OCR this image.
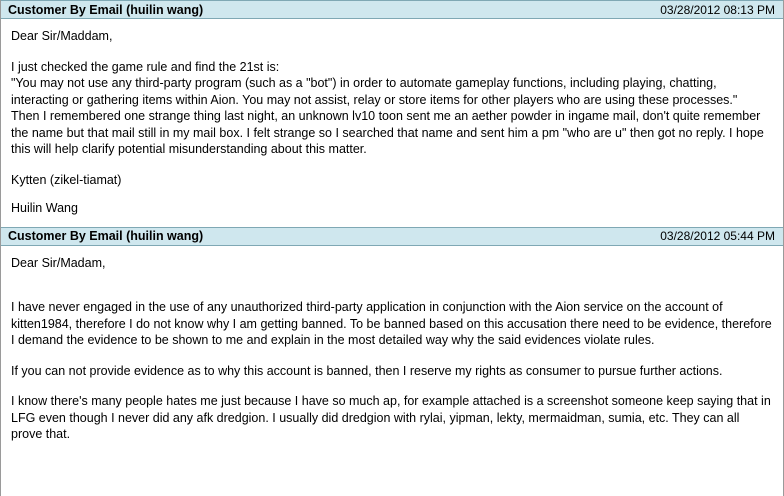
Customer By Email (huilin wang)	03/28/2012 08:13 PM

Dear Sir/Maddam,

I just checked the game rule and find the 21st is:

"You may not use any third-party program (such as a "bot") in order to automate gameplay functions, including playing, chatting, interacting or gathering items within Aion. You may not assist, relay or store items for other players who are using these processes."

Then I remembered one strange thing last night, an unknown lv10 toon sent me an aether powder in ingame mail, don't quite remember the name but that mail still in my mail box. I felt strange so I searched that name and sent him a pm "who are u" then got no reply. I hope this will help clarify potential misunderstanding about this matter.

Kytten (zikel-tiamat)

Huilin Wang

Customer By Email (huilin wang)	03/28/2012 05:44 PM

Dear Sir/Madam,

I have never engaged in the use of any unauthorized third-party application in conjunction with the Aion service on the account of kitten1984, therefore I do not know why I am getting banned. To be banned based on this accusation there need to be evidence, therefore I demand the evidence to be shown to me and explain in the most detailed way why the said evidences violate rules.

If you can not provide evidence as to why this account is banned, then I reserve my rights as consumer to pursue further actions.

I know there's many people hates me just because I have so much ap, for example attached is a screenshot someone keep saying that in LFG even though I never did any afk dredgion. I usually did dredgion with rylai, yipman, lekty, mermaidman, sumia, etc. They can all prove that.
